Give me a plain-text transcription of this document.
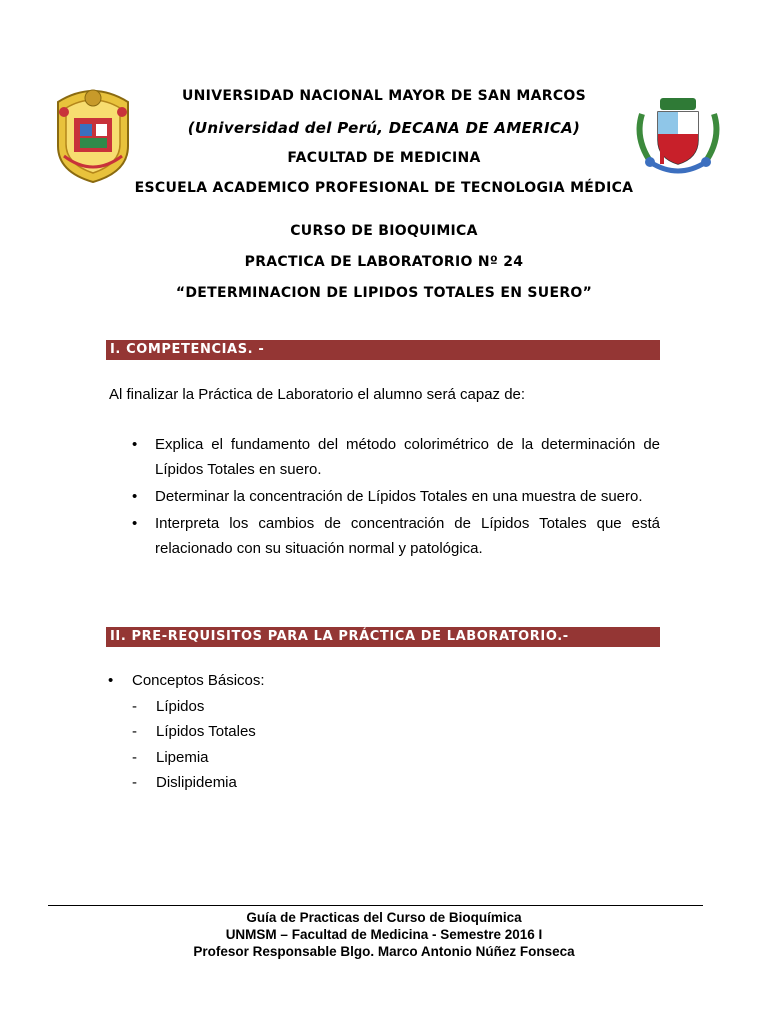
UNIVERSIDAD NACIONAL MAYOR DE SAN MARCOS
(Universidad del Perú, DECANA DE AMERICA)
FACULTAD DE MEDICINA
ESCUELA ACADEMICO PROFESIONAL DE TECNOLOGIA MÉDICA
CURSO DE BIOQUIMICA
PRACTICA DE LABORATORIO Nº 24
“DETERMINACION DE LIPIDOS TOTALES EN SUERO”
I. COMPETENCIAS. -
Al finalizar la Práctica de Laboratorio el alumno será capaz de:
• Explica el fundamento del método colorimétrico de la determinación de Lípidos Totales en suero.
• Determinar la concentración de Lípidos Totales en una muestra de suero.
• Interpreta los cambios de concentración de Lípidos Totales que está relacionado con su situación normal y patológica.
II. PRE-REQUISITOS PARA LA PRÁCTICA DE LABORATORIO.-
• Conceptos Básicos:
- Lípidos
- Lípidos Totales
- Lipemia
- Dislipidemia
Guía de Practicas del Curso de Bioquímica
UNMSM – Facultad de Medicina - Semestre 2016 I
Profesor Responsable Blgo. Marco Antonio Núñez Fonseca
